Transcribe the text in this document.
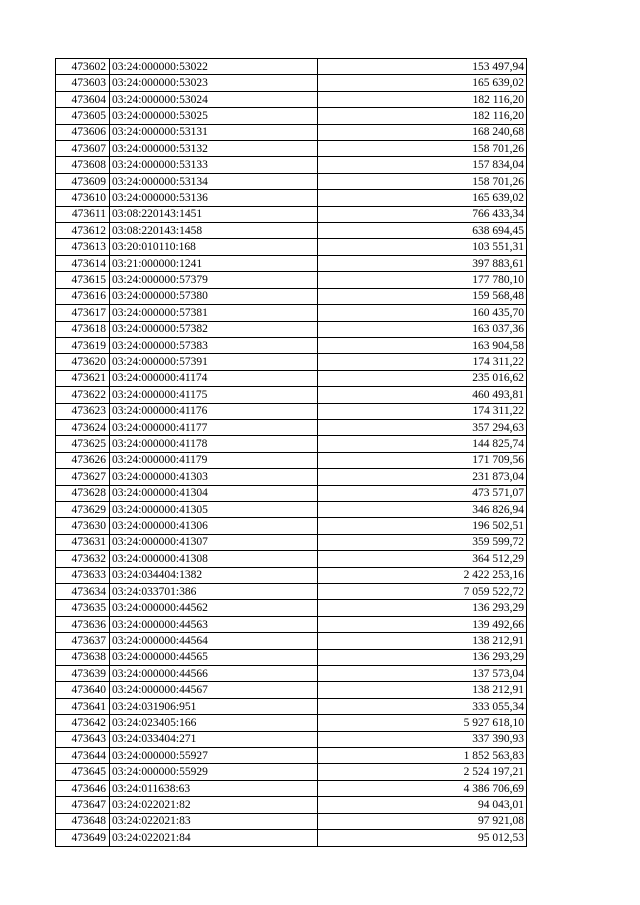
473602	03:24:000000:53022	153 497,94
473603	03:24:000000:53023	165 639,02
473604	03:24:000000:53024	182 116,20
473605	03:24:000000:53025	182 116,20
473606	03:24:000000:53131	168 240,68
473607	03:24:000000:53132	158 701,26
473608	03:24:000000:53133	157 834,04
473609	03:24:000000:53134	158 701,26
473610	03:24:000000:53136	165 639,02
473611	03:08:220143:1451	766 433,34
473612	03:08:220143:1458	638 694,45
473613	03:20:010110:168	103 551,31
473614	03:21:000000:1241	397 883,61
473615	03:24:000000:57379	177 780,10
473616	03:24:000000:57380	159 568,48
473617	03:24:000000:57381	160 435,70
473618	03:24:000000:57382	163 037,36
473619	03:24:000000:57383	163 904,58
473620	03:24:000000:57391	174 311,22
473621	03:24:000000:41174	235 016,62
473622	03:24:000000:41175	460 493,81
473623	03:24:000000:41176	174 311,22
473624	03:24:000000:41177	357 294,63
473625	03:24:000000:41178	144 825,74
473626	03:24:000000:41179	171 709,56
473627	03:24:000000:41303	231 873,04
473628	03:24:000000:41304	473 571,07
473629	03:24:000000:41305	346 826,94
473630	03:24:000000:41306	196 502,51
473631	03:24:000000:41307	359 599,72
473632	03:24:000000:41308	364 512,29
473633	03:24:034404:1382	2 422 253,16
473634	03:24:033701:386	7 059 522,72
473635	03:24:000000:44562	136 293,29
473636	03:24:000000:44563	139 492,66
473637	03:24:000000:44564	138 212,91
473638	03:24:000000:44565	136 293,29
473639	03:24:000000:44566	137 573,04
473640	03:24:000000:44567	138 212,91
473641	03:24:031906:951	333 055,34
473642	03:24:023405:166	5 927 618,10
473643	03:24:033404:271	337 390,93
473644	03:24:000000:55927	1 852 563,83
473645	03:24:000000:55929	2 524 197,21
473646	03:24:011638:63	4 386 706,69
473647	03:24:022021:82	94 043,01
473648	03:24:022021:83	97 921,08
473649	03:24:022021:84	95 012,53
